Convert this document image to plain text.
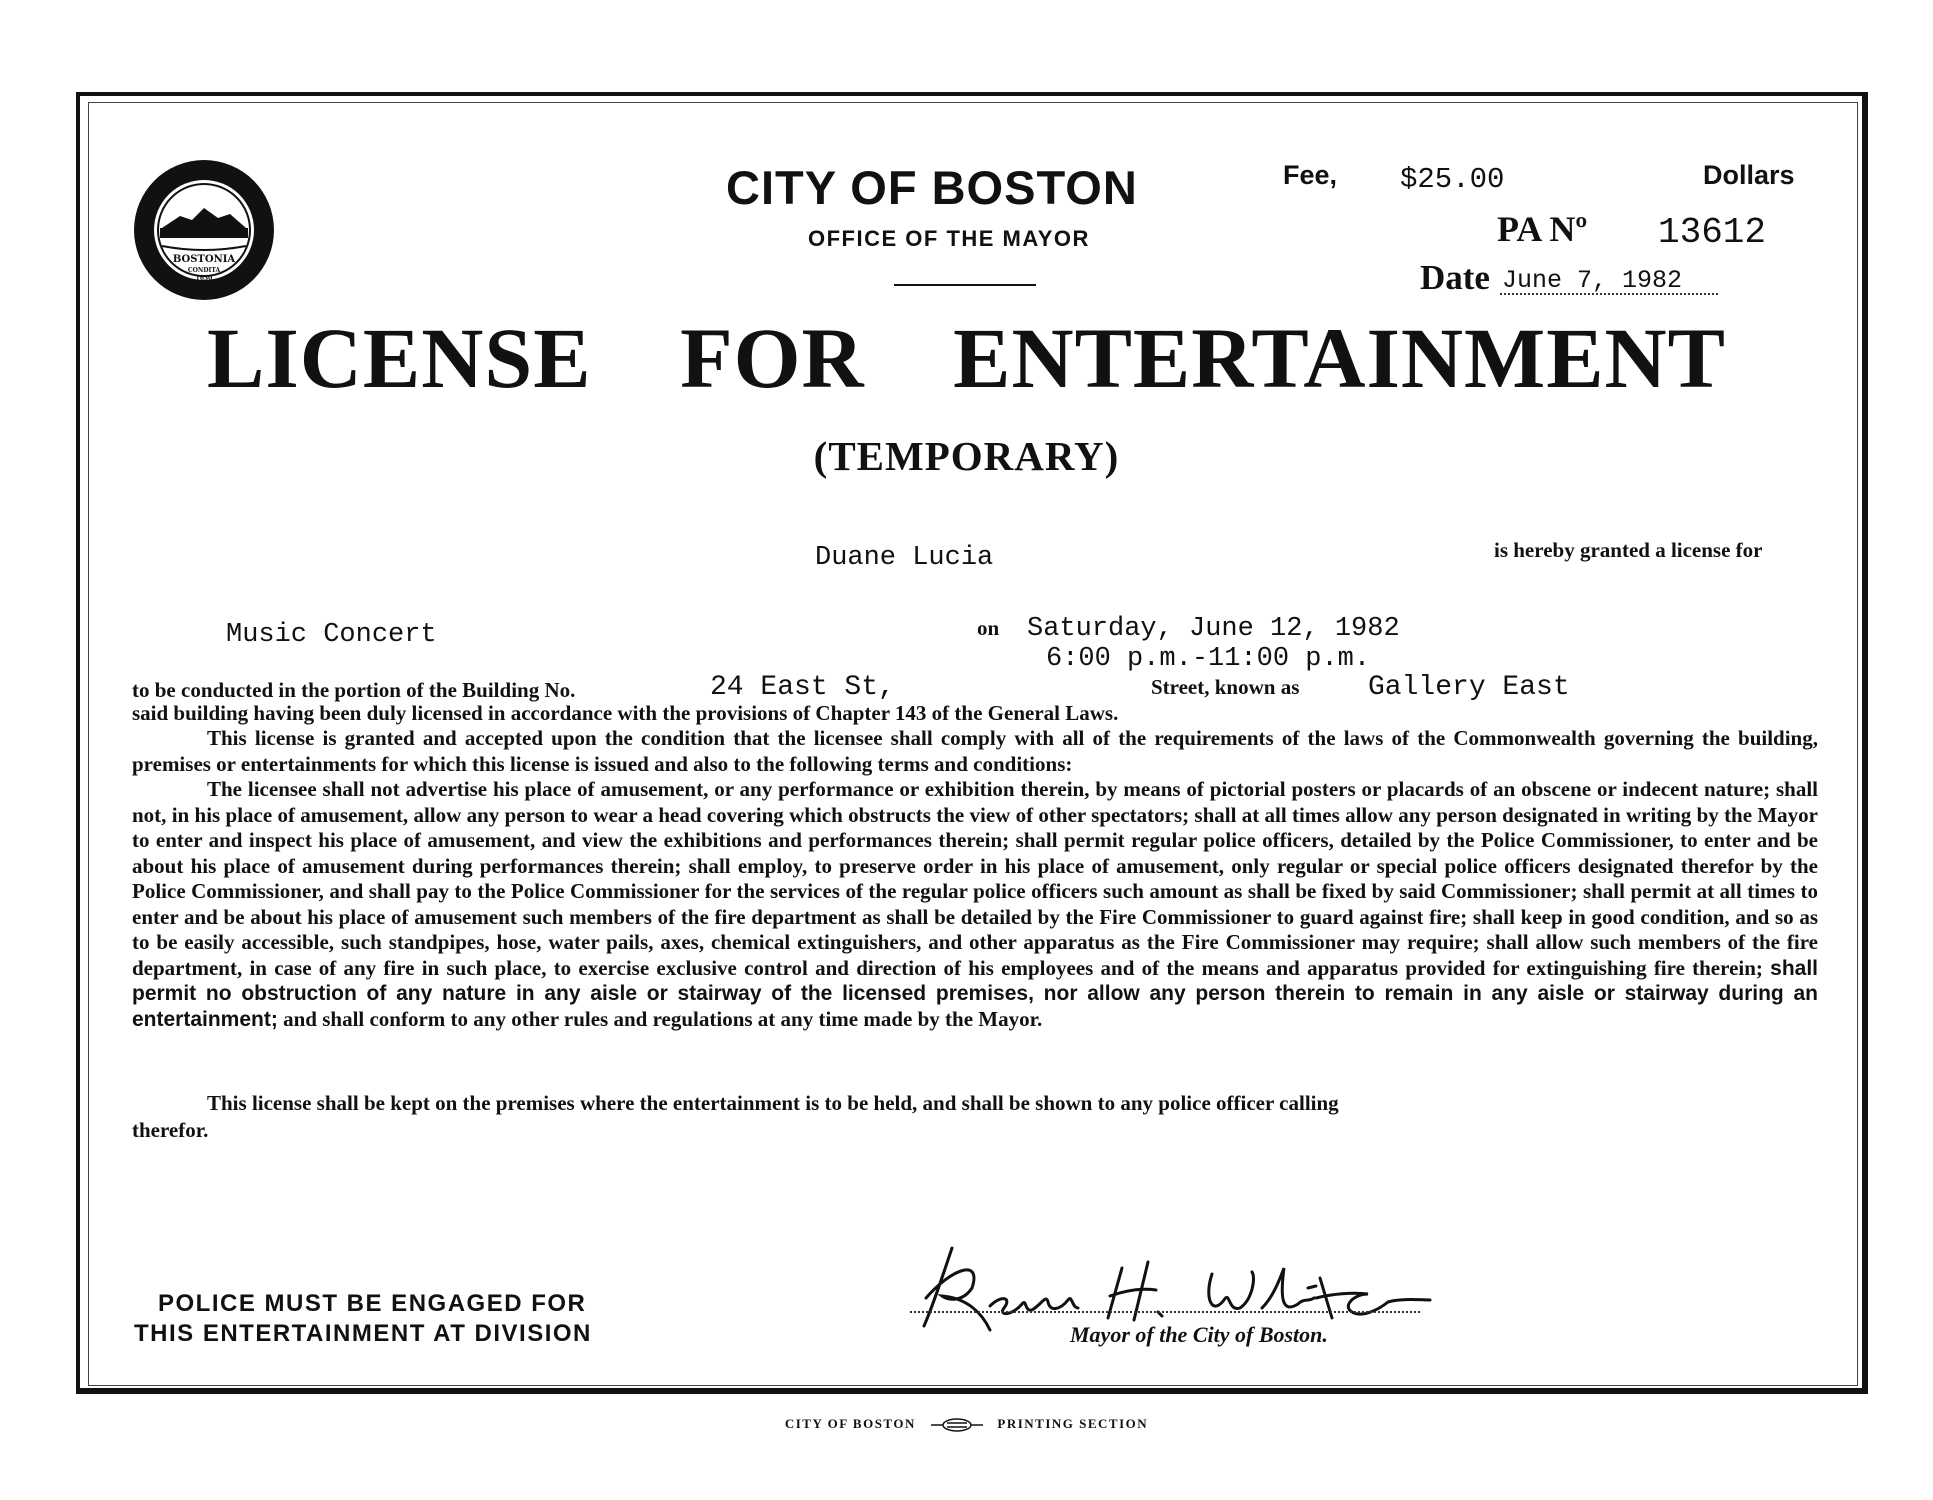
BOSTONIA
CONDITA
1630
CITY OF BOSTON
OFFICE OF THE MAYOR
Fee, $25.00	Dollars
PA Nº 13612
Date June 7, 1982
LICENSE FOR ENTERTAINMENT
(TEMPORARY)
Duane Lucia	is hereby granted a license for
Music Concert	on Saturday, June 12, 1982
6:00 p.m.-11:00 p.m.
to be conducted in the portion of the Building No.	24 East St,	Street, known as Gallery East
said building having been duly licensed in accordance with the provisions of Chapter 143 of the General Laws.

This license is granted and accepted upon the condition that the licensee shall comply with all of the requirements of the laws of the Commonwealth governing the building, premises or entertainments for which this license is issued and also to the following terms and conditions:

The licensee shall not advertise his place of amusement, or any performance or exhibition therein, by means of pictorial posters or placards of an obscene or indecent nature; shall not, in his place of amusement, allow any person to wear a head covering which obstructs the view of other spectators; shall at all times allow any person designated in writing by the Mayor to enter and inspect his place of amusement, and view the exhibitions and performances therein; shall permit regular police officers, detailed by the Police Commissioner, to enter and be about his place of amusement during performances therein; shall employ, to preserve order in his place of amusement, only regular or special police officers designated therefor by the Police Commissioner, and shall pay to the Police Commissioner for the services of the regular police officers such amount as shall be fixed by said Commissioner; shall permit at all times to enter and be about his place of amusement such members of the fire department as shall be detailed by the Fire Commissioner to guard against fire; shall keep in good condition, and so as to be easily accessible, such standpipes, hose, water pails, axes, chemical extinguishers, and other apparatus as the Fire Commissioner may require; shall allow such members of the fire department, in case of any fire in such place, to exercise exclusive control and direction of his employees and of the means and apparatus provided for extinguishing fire therein; shall permit no obstruction of any nature in any aisle or stairway of the licensed premises, nor allow any person therein to remain in any aisle or stairway during an entertainment; and shall conform to any other rules and regulations at any time made by the Mayor.

This license shall be kept on the premises where the entertainment is to be held, and shall be shown to any police officer calling therefor.

POLICE MUST BE ENGAGED FOR
THIS ENTERTAINMENT AT DIVISION	Mayor of the City of Boston.
CITY OF BOSTON	PRINTING SECTION
